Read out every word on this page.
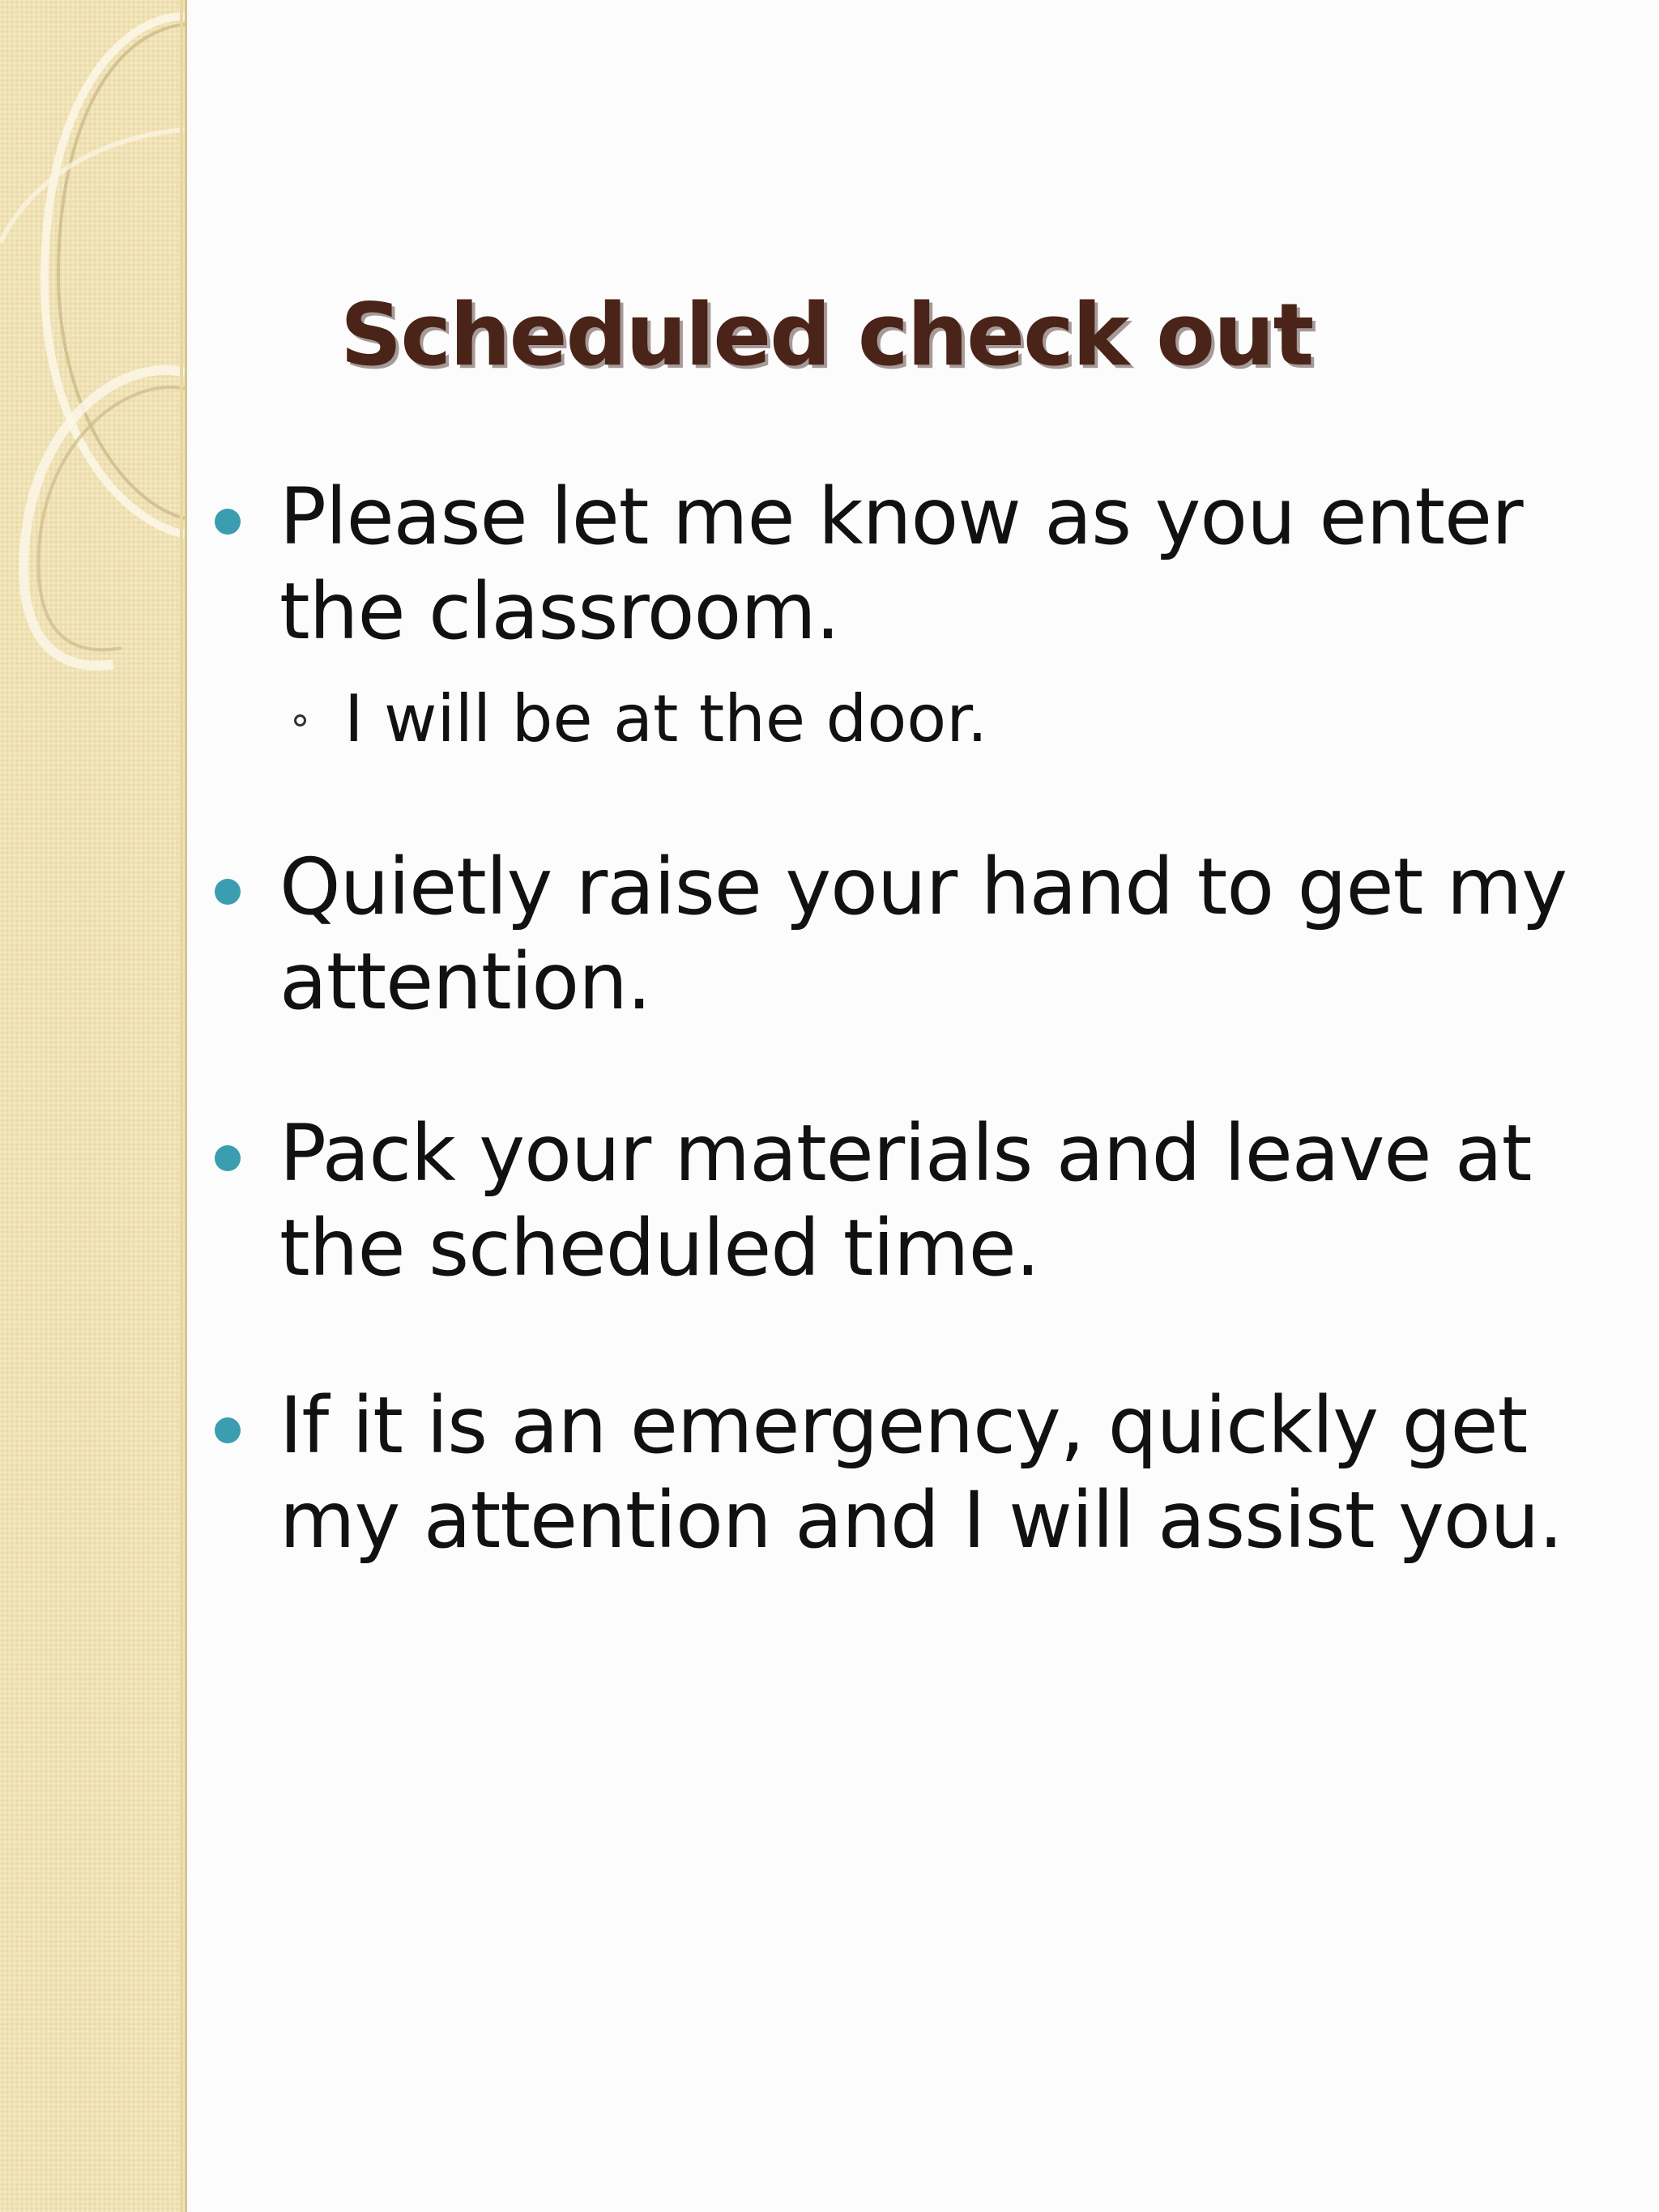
Scheduled check out
Please let me know as you enter the classroom.
I will be at the door.
Quietly raise your hand to get my attention.
Pack your materials and leave at the scheduled time.
If it is an emergency, quickly get my attention and I will assist you.
